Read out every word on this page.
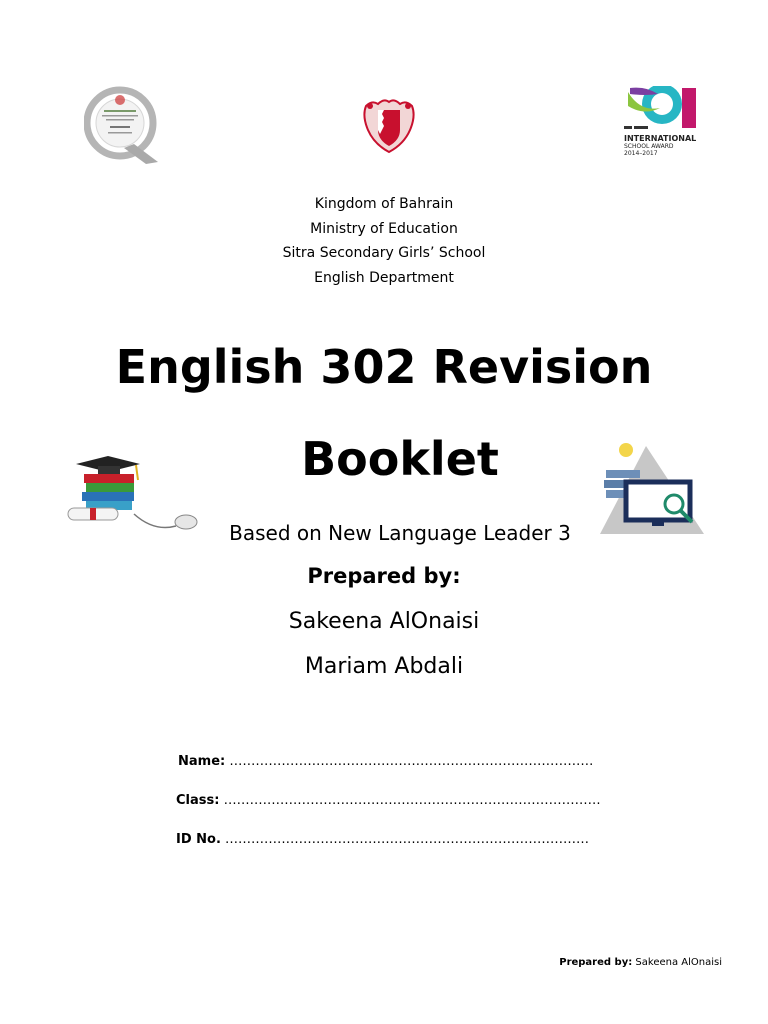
INTERNATIONAL
SCHOOL AWARD
2014–2017
Kingdom of Bahrain
Ministry of Education
Sitra Secondary Girls’ School
English Department
English 302 Revision
Booklet
Based on New Language Leader 3
Prepared by:
Sakeena AlOnaisi
Mariam Abdali
Name: …………………………………………………………………………
Class: ……………………………………………………………………………
ID No. …………………………………………………………………………
Prepared by: Sakeena AlOnaisi
